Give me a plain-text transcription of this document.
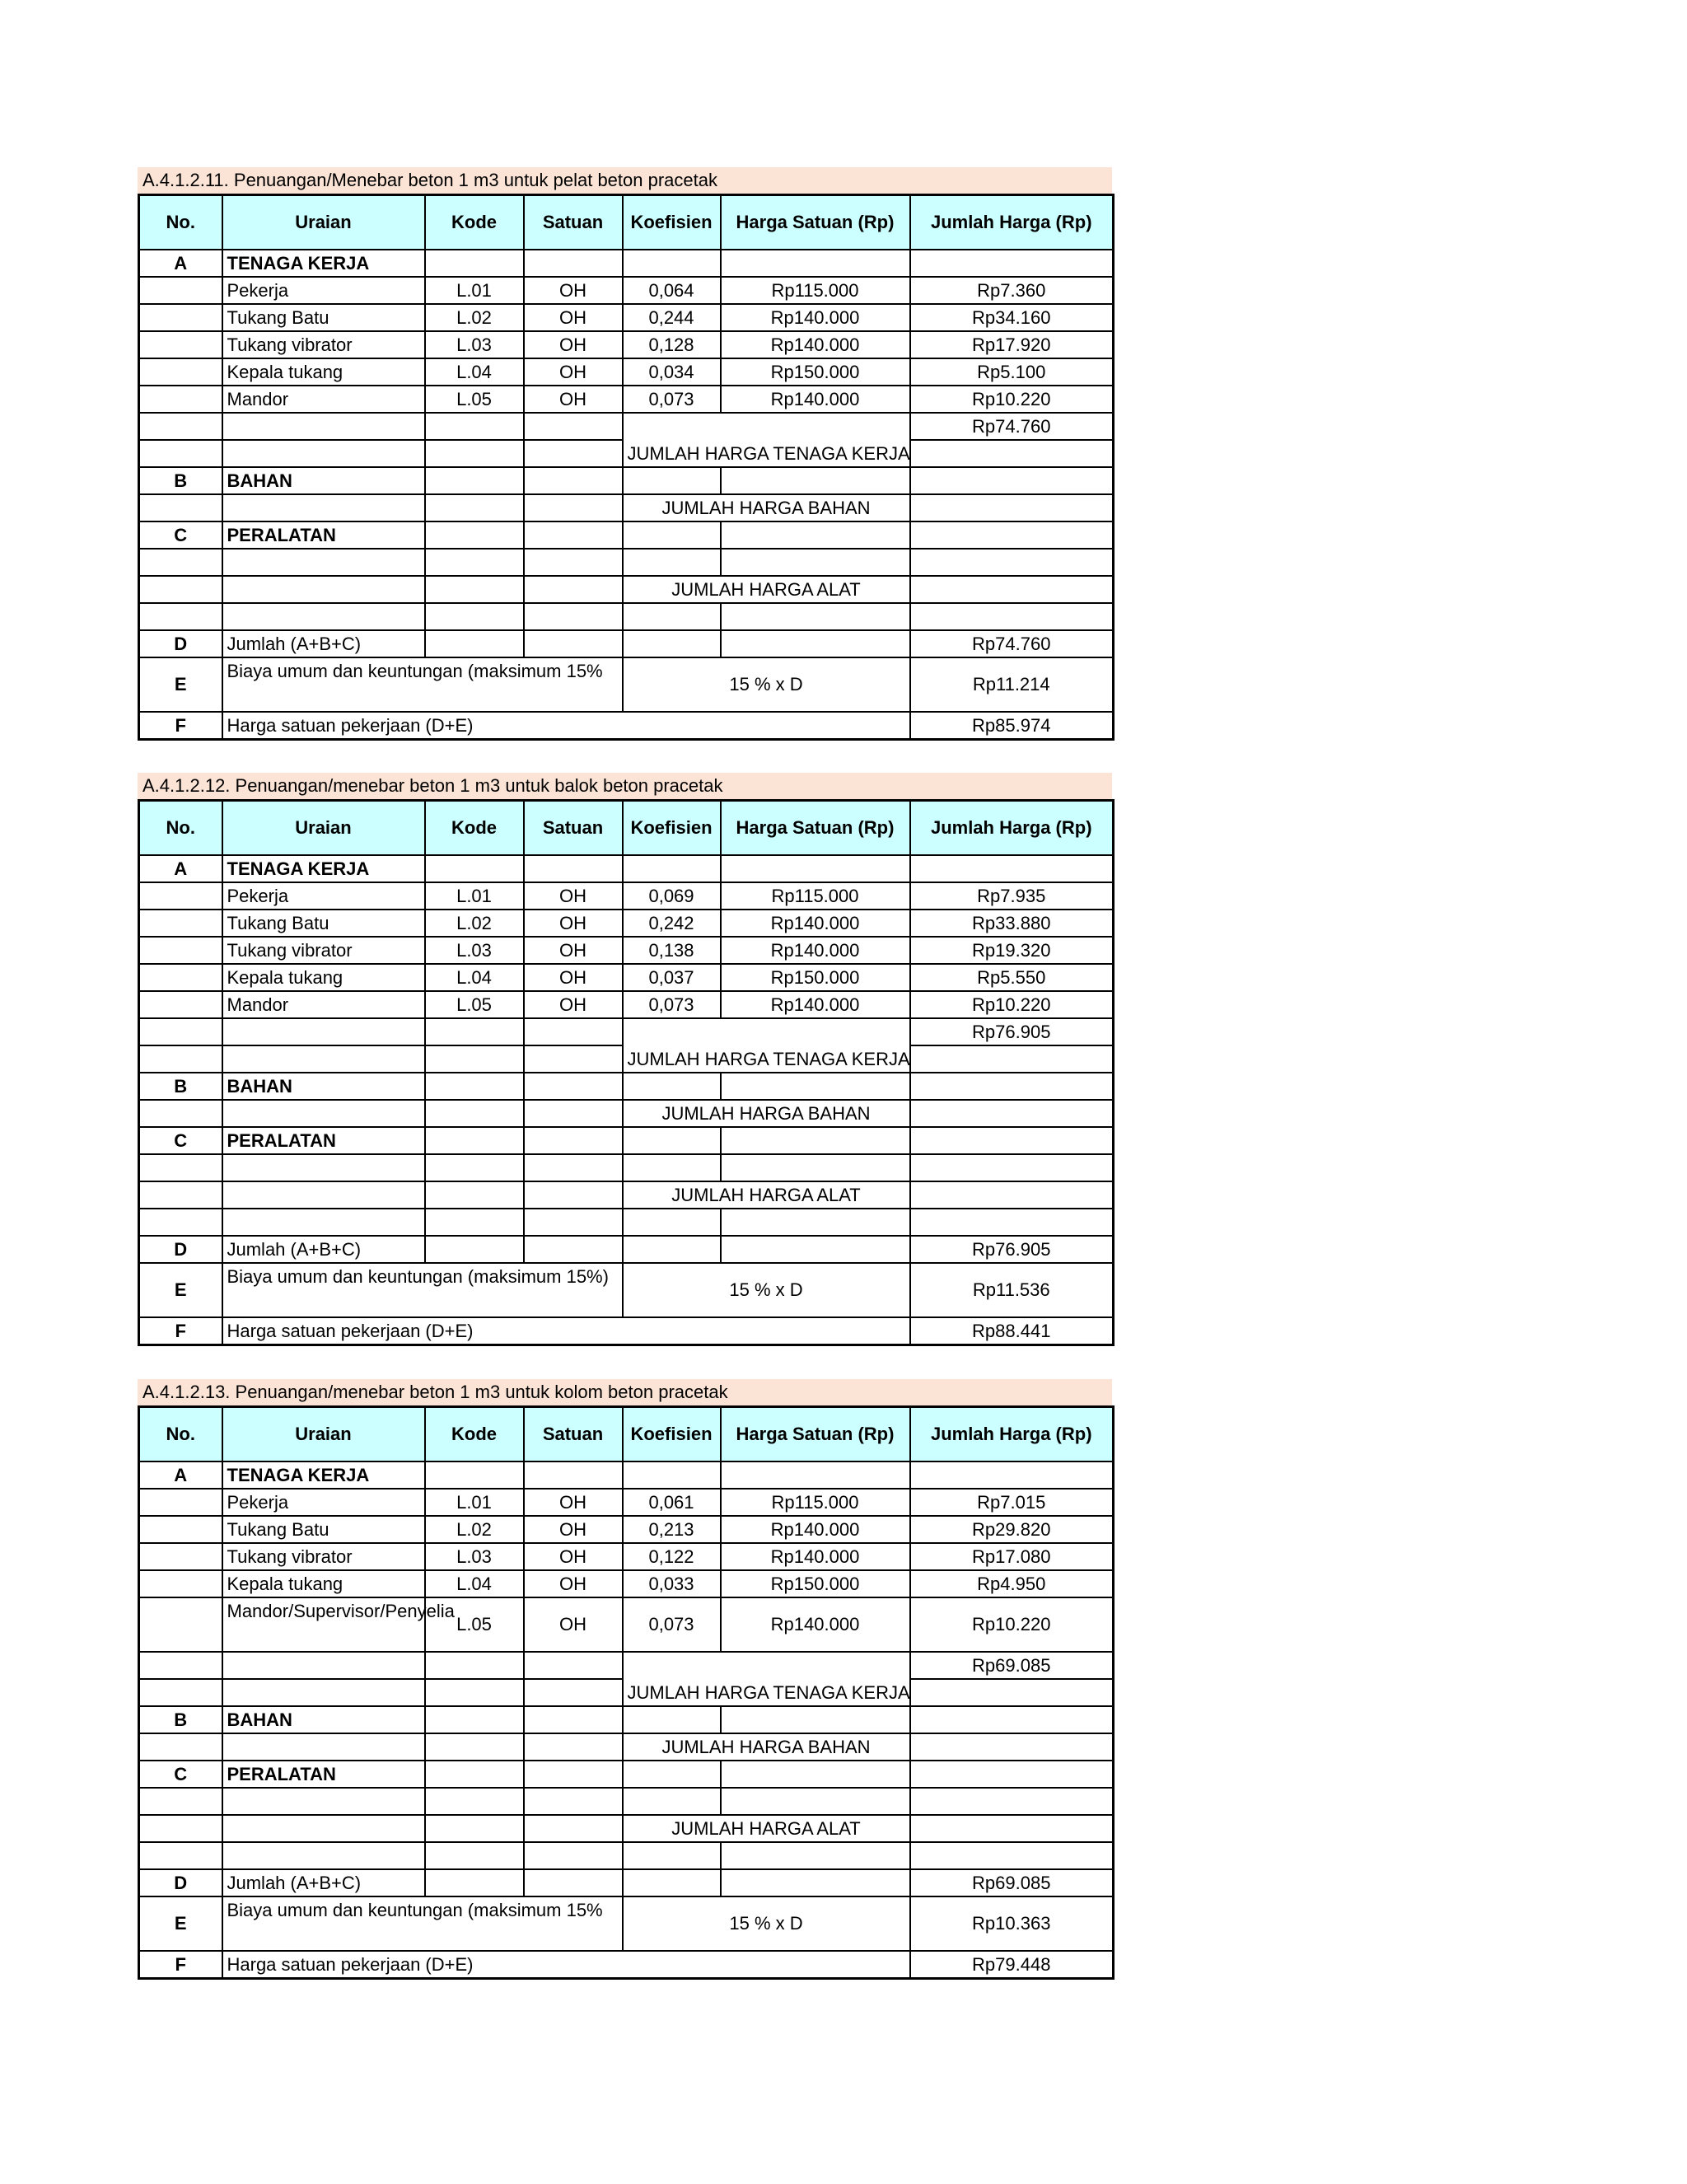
A.4.1.2.11. Penuangan/Menebar beton 1 m3 untuk pelat beton pracetak
No.	Uraian	Kode	Satuan	Koefisien	Harga Satuan (Rp)	Jumlah Harga (Rp)
A	TENAGA KERJA					
	Pekerja	L.01	OH	0,064	Rp115.000	Rp7.360
	Tukang Batu	L.02	OH	0,244	Rp140.000	Rp34.160
	Tukang vibrator	L.03	OH	0,128	Rp140.000	Rp17.920
	Kepala tukang	L.04	OH	0,034	Rp150.000	Rp5.100
	Mandor	L.05	OH	0,073	Rp140.000	Rp10.220
				JUMLAH HARGA TENAGA KERJA		Rp74.760

B	BAHAN					
				JUMLAH HARGA BAHAN		
C	PERALATAN					

				JUMLAH HARGA ALAT		

D	Jumlah (A+B+C)					Rp74.760
E	Biaya umum dan keuntungan (maksimum 15%			15 % x D		Rp11.214
F	Harga satuan pekerjaan (D+E)					Rp85.974
A.4.1.2.12. Penuangan/menebar beton 1 m3 untuk balok beton pracetak
No.	Uraian	Kode	Satuan	Koefisien	Harga Satuan (Rp)	Jumlah Harga (Rp)
A	TENAGA KERJA					
	Pekerja	L.01	OH	0,069	Rp115.000	Rp7.935
	Tukang Batu	L.02	OH	0,242	Rp140.000	Rp33.880
	Tukang vibrator	L.03	OH	0,138	Rp140.000	Rp19.320
	Kepala tukang	L.04	OH	0,037	Rp150.000	Rp5.550
	Mandor	L.05	OH	0,073	Rp140.000	Rp10.220
				JUMLAH HARGA TENAGA KERJA		Rp76.905

B	BAHAN					
				JUMLAH HARGA BAHAN		
C	PERALATAN					

				JUMLAH HARGA ALAT		

D	Jumlah (A+B+C)					Rp76.905
E	Biaya umum dan keuntungan (maksimum 15%)			15 % x D		Rp11.536
F	Harga satuan pekerjaan (D+E)					Rp88.441
A.4.1.2.13. Penuangan/menebar beton 1 m3 untuk kolom beton pracetak
No.	Uraian	Kode	Satuan	Koefisien	Harga Satuan (Rp)	Jumlah Harga (Rp)
A	TENAGA KERJA					
	Pekerja	L.01	OH	0,061	Rp115.000	Rp7.015
	Tukang Batu	L.02	OH	0,213	Rp140.000	Rp29.820
	Tukang vibrator	L.03	OH	0,122	Rp140.000	Rp17.080
	Kepala tukang	L.04	OH	0,033	Rp150.000	Rp4.950
	Mandor/Supervisor/Penyelia	L.05	OH	0,073	Rp140.000	Rp10.220
				JUMLAH HARGA TENAGA KERJA		Rp69.085

B	BAHAN					
				JUMLAH HARGA BAHAN		
C	PERALATAN					

				JUMLAH HARGA ALAT		

D	Jumlah (A+B+C)					Rp69.085
E	Biaya umum dan keuntungan (maksimum 15%			15 % x D		Rp10.363
F	Harga satuan pekerjaan (D+E)					Rp79.448
